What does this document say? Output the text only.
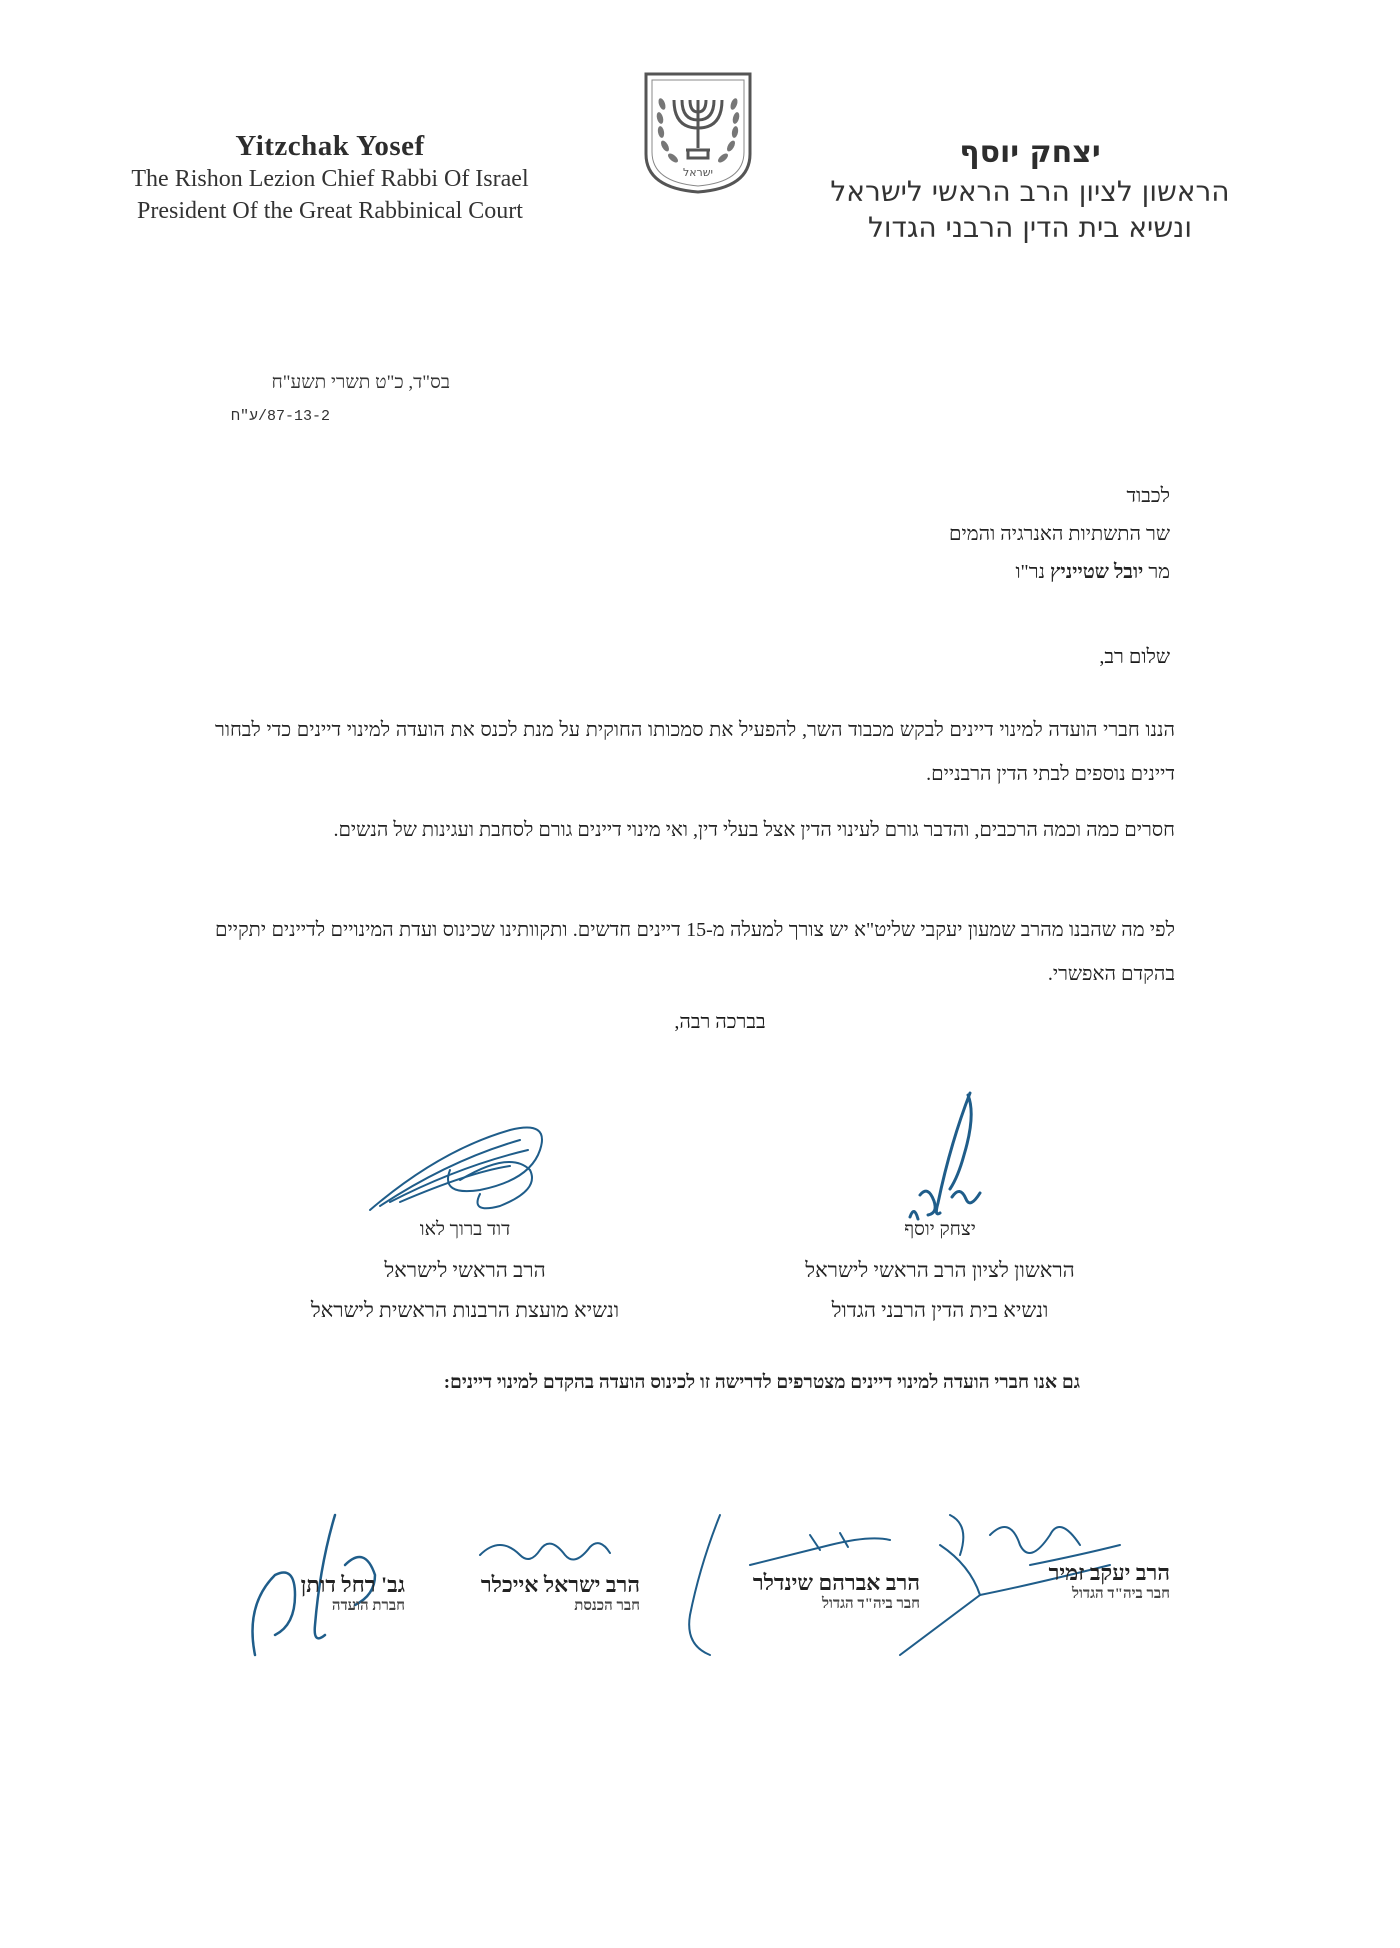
Yitzchak Yosef
The Rishon Lezion Chief Rabbi Of Israel
President Of the Great Rabbinical Court
ישראל
יצחק יוסף
הראשון לציון הרב הראשי לישראל
ונשיא בית הדין הרבני הגדול
בס"ד, כ"ט תשרי תשע"ח
87-13-2/ע"ח
לכבוד
שר התשתיות האנרגיה והמים
מר יובל שטייניץ נר"ו
שלום רב,
הננו חברי הועדה למינוי דיינים לבקש מכבוד השר, להפעיל את סמכותו החוקית על מנת לכנס את הועדה למינוי דיינים כדי לבחור דיינים נוספים לבתי הדין הרבניים.
חסרים כמה וכמה הרכבים, והדבר גורם לעינוי הדין אצל בעלי דין, ואי מינוי דיינים גורם לסחבת ועגינות של הנשים.
לפי מה שהבנו מהרב שמעון יעקבי שליט"א יש צורך למעלה מ-15 דיינים חדשים. ותקוותינו שכינוס ועדת המינויים לדיינים יתקיים בהקדם האפשרי.
בברכה רבה,
יצחק יוסף
הראשון לציון הרב הראשי לישראל
ונשיא בית הדין הרבני הגדול
דוד ברוך לאו
הרב הראשי לישראל
ונשיא מועצת הרבנות הראשית לישראל
גם אנו חברי הועדה למינוי דיינים מצטרפים לדרישה זו לכינוס הועדה בהקדם למינוי דיינים:
הרב יעקב זמיר
חבר ביה"ד הגדול
הרב אברהם שינדלר
חבר ביה"ד הגדול
הרב ישראל אייכלר
חבר הכנסת
גב' רחל דותן
חברת הועדה
